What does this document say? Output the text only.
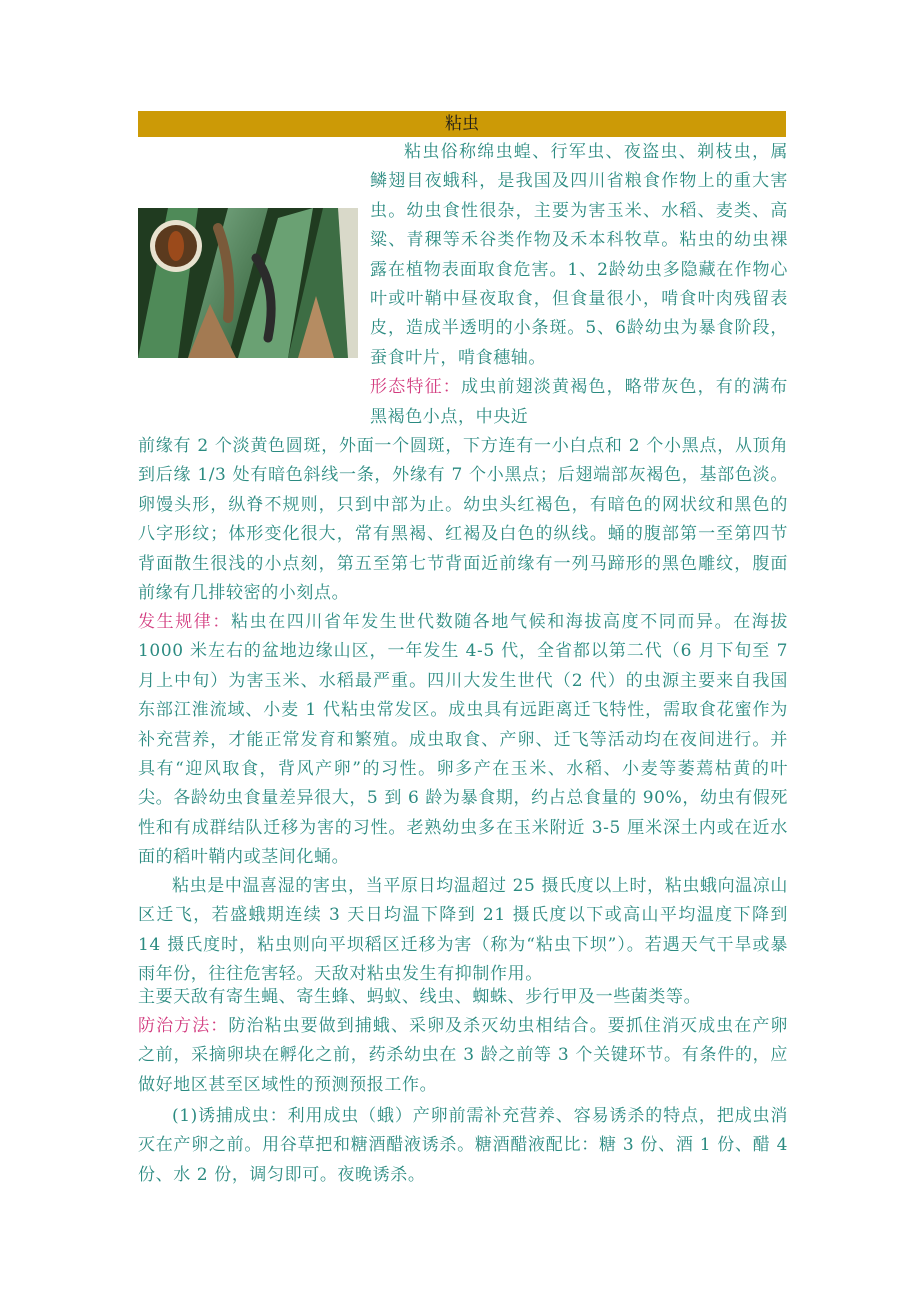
粘虫
粘虫俗称绵虫蝗、行军虫、夜盗虫、剃枝虫，属鳞翅目夜蛾科，是我国及四川省粮食作物上的重大害虫。幼虫食性很杂，主要为害玉米、水稻、麦类、高粱、青稞等禾谷类作物及禾本科牧草。粘虫的幼虫裸露在植物表面取食危害。1、2龄幼虫多隐藏在作物心叶或叶鞘中昼夜取食，但食量很小，啃食叶肉残留表皮，造成半透明的小条斑。5、6龄幼虫为暴食阶段，蚕食叶片，啃食穗轴。
形态特征：成虫前翅淡黄褐色，略带灰色，有的满布黑褐色小点，中央近

前缘有 2 个淡黄色圆斑，外面一个圆斑，下方连有一小白点和 2 个小黑点，从顶角到后缘 1/3 处有暗色斜线一条，外缘有 7 个小黑点；后翅端部灰褐色，基部色淡。卵馒头形，纵脊不规则，只到中部为止。幼虫头红褐色，有暗色的网状纹和黑色的八字形纹；体形变化很大，常有黑褐、红褐及白色的纵线。蛹的腹部第一至第四节背面散生很浅的小点刻，第五至第七节背面近前缘有一列马蹄形的黑色雕纹，腹面前缘有几排较密的小刻点。

发生规律：粘虫在四川省年发生世代数随各地气候和海拔高度不同而异。在海拔 1000 米左右的盆地边缘山区，一年发生 4-5 代，全省都以第二代（6 月下旬至 7 月上中旬）为害玉米、水稻最严重。四川大发生世代（2 代）的虫源主要来自我国东部江淮流域、小麦 1 代粘虫常发区。成虫具有远距离迁飞特性，需取食花蜜作为补充营养，才能正常发育和繁殖。成虫取食、产卵、迁飞等活动均在夜间进行。并具有“迎风取食，背风产卵”的习性。卵多产在玉米、水稻、小麦等萎蔫枯黄的叶尖。各龄幼虫食量差异很大，5 到 6 龄为暴食期，约占总食量的 90%，幼虫有假死性和有成群结队迁移为害的习性。老熟幼虫多在玉米附近 3-5 厘米深土内或在近水面的稻叶鞘内或茎间化蛹。

粘虫是中温喜湿的害虫，当平原日均温超过 25 摄氏度以上时，粘虫蛾向温凉山区迁飞，若盛蛾期连续 3 天日均温下降到 21 摄氏度以下或高山平均温度下降到 14 摄氏度时，粘虫则向平坝稻区迁移为害（称为“粘虫下坝”）。若遇天气干旱或暴雨年份，往往危害轻。天敌对粘虫发生有抑制作用。

主要天敌有寄生蝇、寄生蜂、蚂蚁、线虫、蜘蛛、步行甲及一些菌类等。

防治方法：防治粘虫要做到捕蛾、采卵及杀灭幼虫相结合。要抓住消灭成虫在产卵之前，采摘卵块在孵化之前，药杀幼虫在 3 龄之前等 3 个关键环节。有条件的，应做好地区甚至区域性的预测预报工作。

(1)诱捕成虫：利用成虫（蛾）产卵前需补充营养、容易诱杀的特点，把成虫消灭在产卵之前。用谷草把和糖酒醋液诱杀。糖酒醋液配比：糖 3 份、酒 1 份、醋 4 份、水 2 份，调匀即可。夜晚诱杀。
